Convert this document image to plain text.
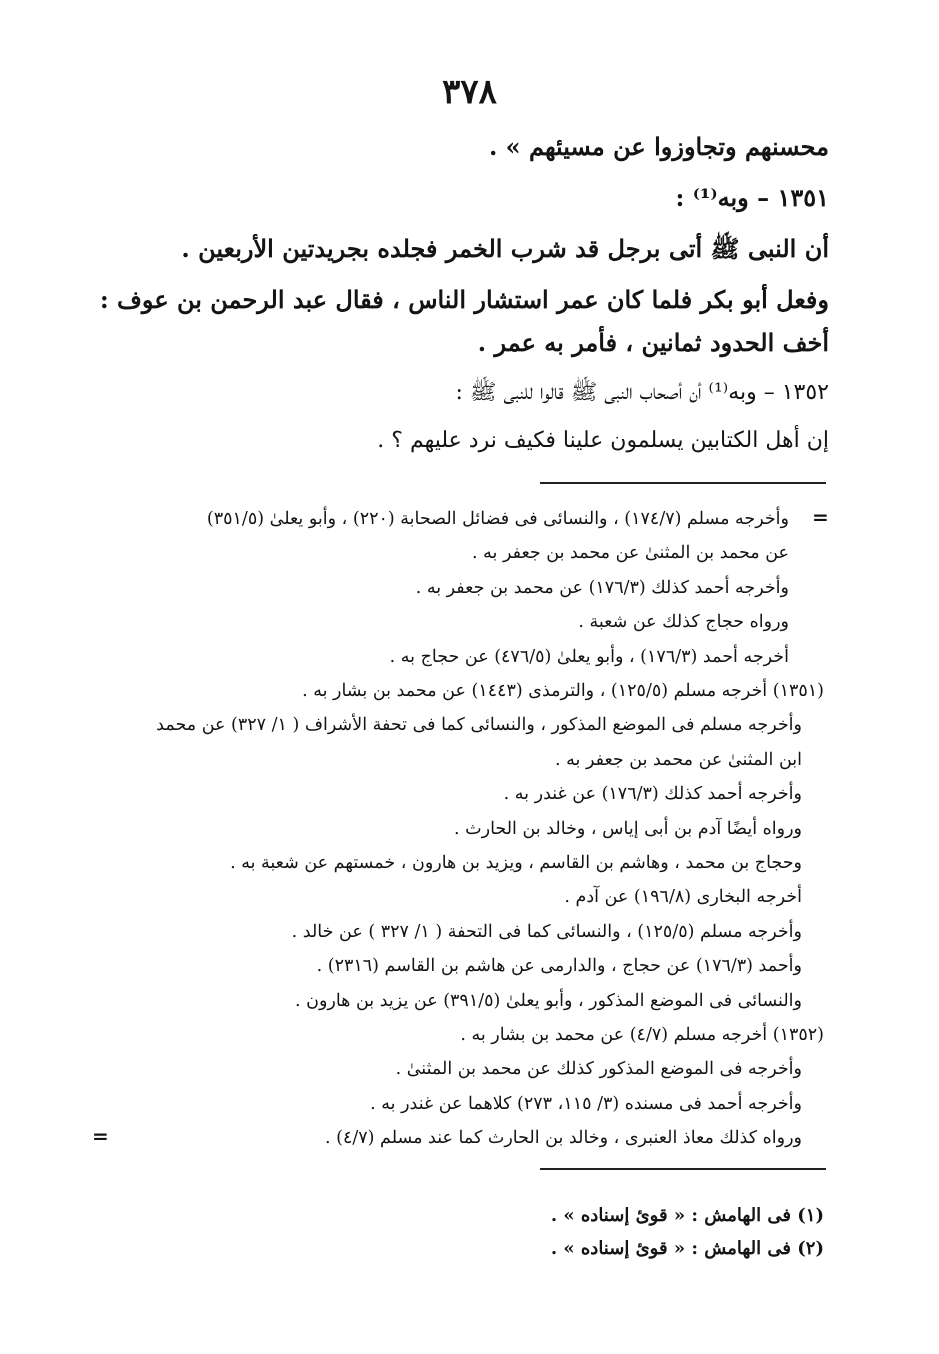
٣٧٨
محسنهم وتجاوزوا عن مسيئهم » .
١٣٥١ – وبه⁽¹⁾ :
أن النبى ﷺ أتى برجل قد شرب الخمر فجلده بجريدتين الأربعين .
وفعل أبو بكر فلما كان عمر استشار الناس ، فقال عبد الرحمن بن عوف :
أخف الحدود ثمانين ، فأمر به عمر .
١٣٥٢ – وبه⁽¹⁾ أن أصحاب النبى ﷺ قالوا للنبى ﷺ :
إن أهل الكتابين يسلمون علينا فكيف نرد عليهم ؟ .
=
وأخرجه مسلم (١٧٤/٧) ، والنسائى فى فضائل الصحابة (٢٢٠) ، وأبو يعلىٰ (٣٥١/٥)
عن محمد بن المثنىٰ عن محمد بن جعفر به .
وأخرجه أحمد كذلك (١٧٦/٣) عن محمد بن جعفر به .
ورواه حجاج كذلك عن شعبة .
أخرجه أحمد (١٧٦/٣) ، وأبو يعلىٰ (٤٧٦/٥) عن حجاج به .
(١٣٥١) أخرجه مسلم (١٢٥/٥) ، والترمذى (١٤٤٣) عن محمد بن بشار به .
وأخرجه مسلم فى الموضع المذكور ، والنسائى كما فى تحفة الأشراف ( ١/ ٣٢٧) عن محمد
ابن المثنىٰ عن محمد بن جعفر به .
وأخرجه أحمد كذلك (١٧٦/٣) عن غندر به .
ورواه أيضًا آدم بن أبى إياس ، وخالد بن الحارث .
وحجاج بن محمد ، وهاشم بن القاسم ، ويزيد بن هارون ، خمستهم عن شعبة به .
أخرجه البخارى (١٩٦/٨) عن آدم .
وأخرجه مسلم (١٢٥/٥) ، والنسائى كما فى التحفة ( ١/ ٣٢٧ ) عن خالد .
وأحمد (١٧٦/٣) عن حجاج ، والدارمى عن هاشم بن القاسم (٢٣١٦) .
والنسائى فى الموضع المذكور ، وأبو يعلىٰ (٣٩١/٥) عن يزيد بن هارون .
(١٣٥٢) أخرجه مسلم (٤/٧) عن محمد بن بشار به .
وأخرجه فى الموضع المذكور كذلك عن محمد بن المثنىٰ .
وأخرجه أحمد فى مسنده (٣/ ١١٥، ٢٧٣) كلاهما عن غندر به .
ورواه كذلك معاذ العنبرى ، وخالد بن الحارث كما عند مسلم (٤/٧) .
=
(١) فى الهامش : « قوئ إسناده » .
(٢) فى الهامش : « قوئ إسناده » .
